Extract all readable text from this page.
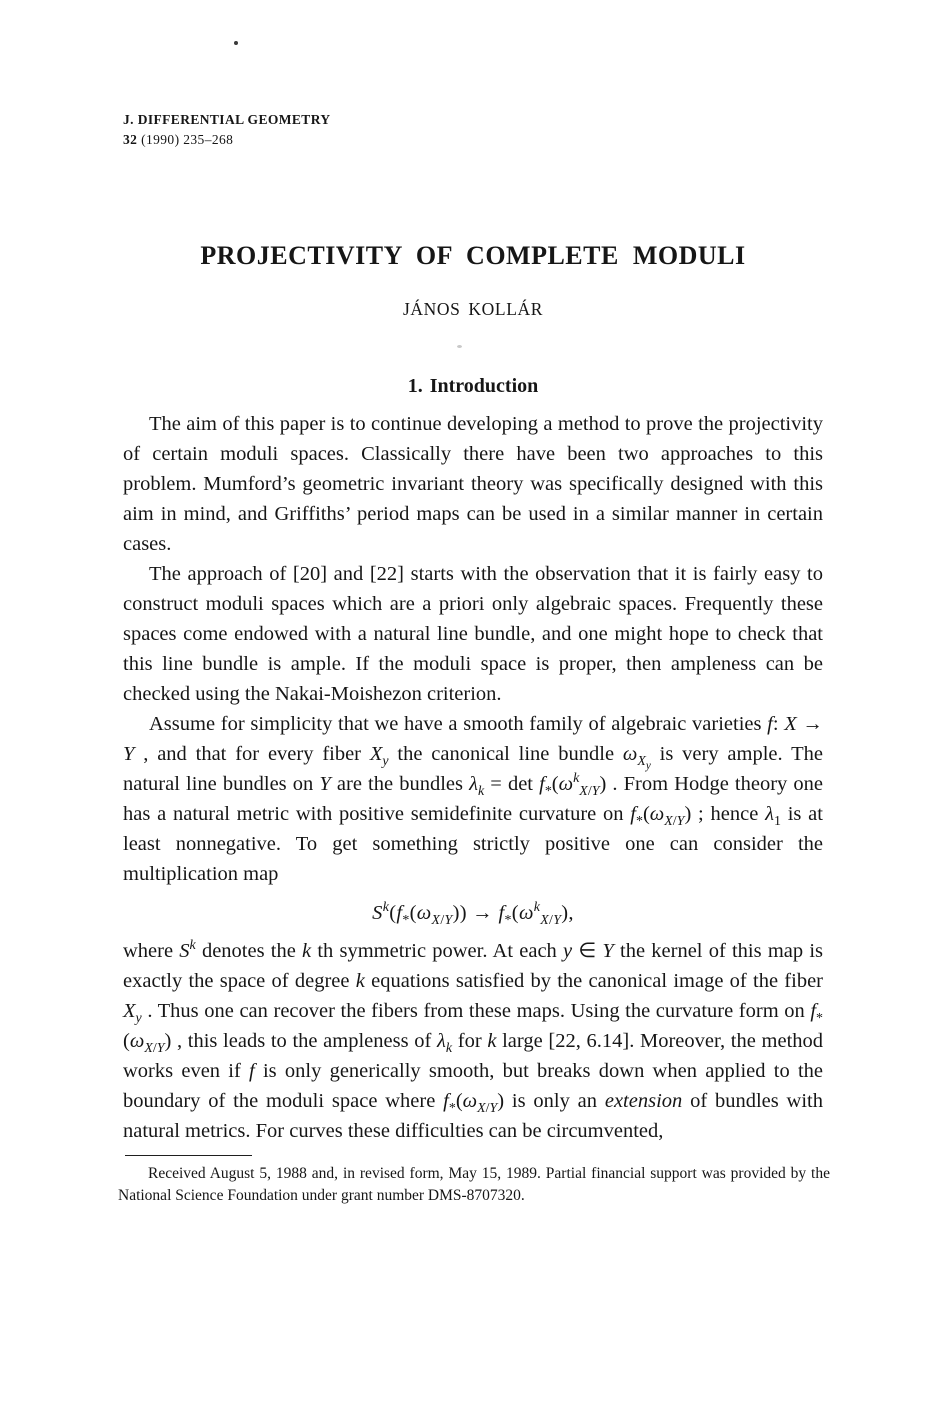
J. DIFFERENTIAL GEOMETRY
32 (1990) 235–268
PROJECTIVITY OF COMPLETE MODULI
JÁNOS KOLLÁR
1. Introduction

The aim of this paper is to continue developing a method to prove the projectivity of certain moduli spaces. Classically there have been two approaches to this problem. Mumford’s geometric invariant theory was specifically designed with this aim in mind, and Griffiths’ period maps can be used in a similar manner in certain cases.

The approach of [20] and [22] starts with the observation that it is fairly easy to construct moduli spaces which are a priori only algebraic spaces. Frequently these spaces come endowed with a natural line bundle, and one might hope to check that this line bundle is ample. If the moduli space is proper, then ampleness can be checked using the Nakai-Moishezon criterion.

Assume for simplicity that we have a smooth family of algebraic varieties f: X → Y , and that for every fiber $X_y$ the canonical line bundle $\omega_{X_y}$ is very ample. The natural line bundles on Y are the bundles $\lambda_k = \det f_*(\omega^k_{X/Y})$ . From Hodge theory one has a natural metric with positive semidefinite curvature on $f_*(\omega_{X/Y})$ ; hence $\lambda_1$ is at least nonnegative. To get something strictly positive one can consider the multiplication map

$S^k(f_*(\omega_{X/Y})) \to f_*(\omega^k_{X/Y})$,

where $S^k$ denotes the k th symmetric power. At each y ∈ Y the kernel of this map is exactly the space of degree k equations satisfied by the canonical image of the fiber $X_y$ . Thus one can recover the fibers from these maps. Using the curvature form on $f_*(\omega_{X/Y})$ , this leads to the ampleness of $\lambda_k$ for k large [22, 6.14]. Moreover, the method works even if f is only generically smooth, but breaks down when applied to the boundary of the moduli space where $f_*(\omega_{X/Y})$ is only an extension of bundles with natural metrics. For curves these difficulties can be circumvented,

Received August 5, 1988 and, in revised form, May 15, 1989. Partial financial support was provided by the National Science Foundation under grant number DMS-8707320.
